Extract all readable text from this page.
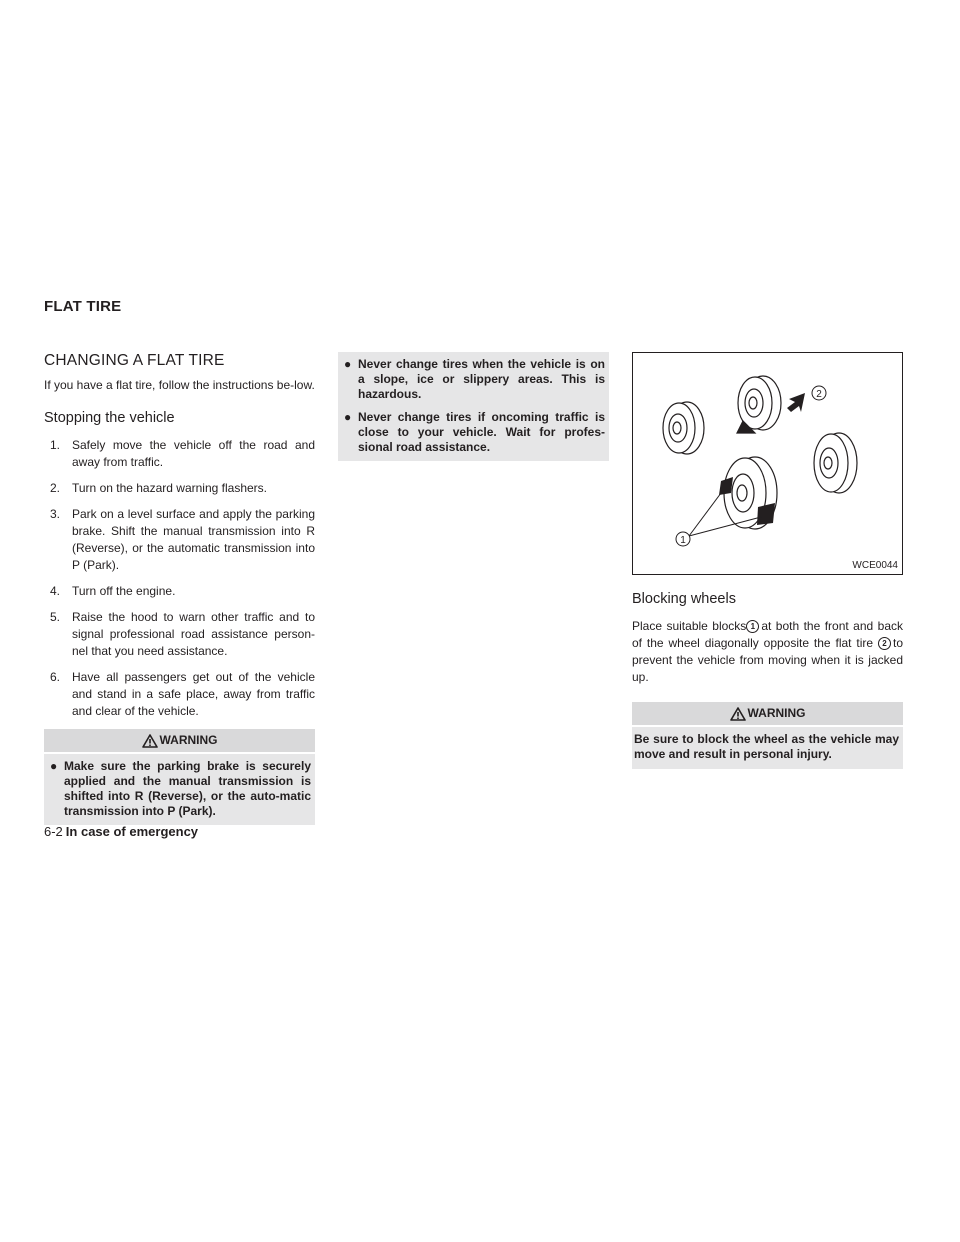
FLAT TIRE
CHANGING A FLAT TIRE

If you have a flat tire, follow the instructions be-low.

Stopping the vehicle
1. Safely move the vehicle off the road and away from traffic.
2. Turn on the hazard warning flashers.
3. Park on a level surface and apply the parking brake. Shift the manual transmission into R (Reverse), or the automatic transmission into P (Park).
4. Turn off the engine.
5. Raise the hood to warn other traffic and to signal professional road assistance person-nel that you need assistance.
6. Have all passengers get out of the vehicle and stand in a safe place, away from traffic and clear of the vehicle.
WARNING
● Make sure the parking brake is securely applied and the manual transmission is shifted into R (Reverse), or the auto-matic transmission into P (Park).
● Never change tires when the vehicle is on a slope, ice or slippery areas. This is hazardous.
● Never change tires if oncoming traffic is close to your vehicle. Wait for profes-sional road assistance.
1
2
WCE0044
Blocking wheels

Place suitable blocks 1 at both the front and back of the wheel diagonally opposite the flat tire 2 to prevent the vehicle from moving when it is jacked up.

WARNING
Be sure to block the wheel as the vehicle may move and result in personal injury.
6-2 In case of emergency
